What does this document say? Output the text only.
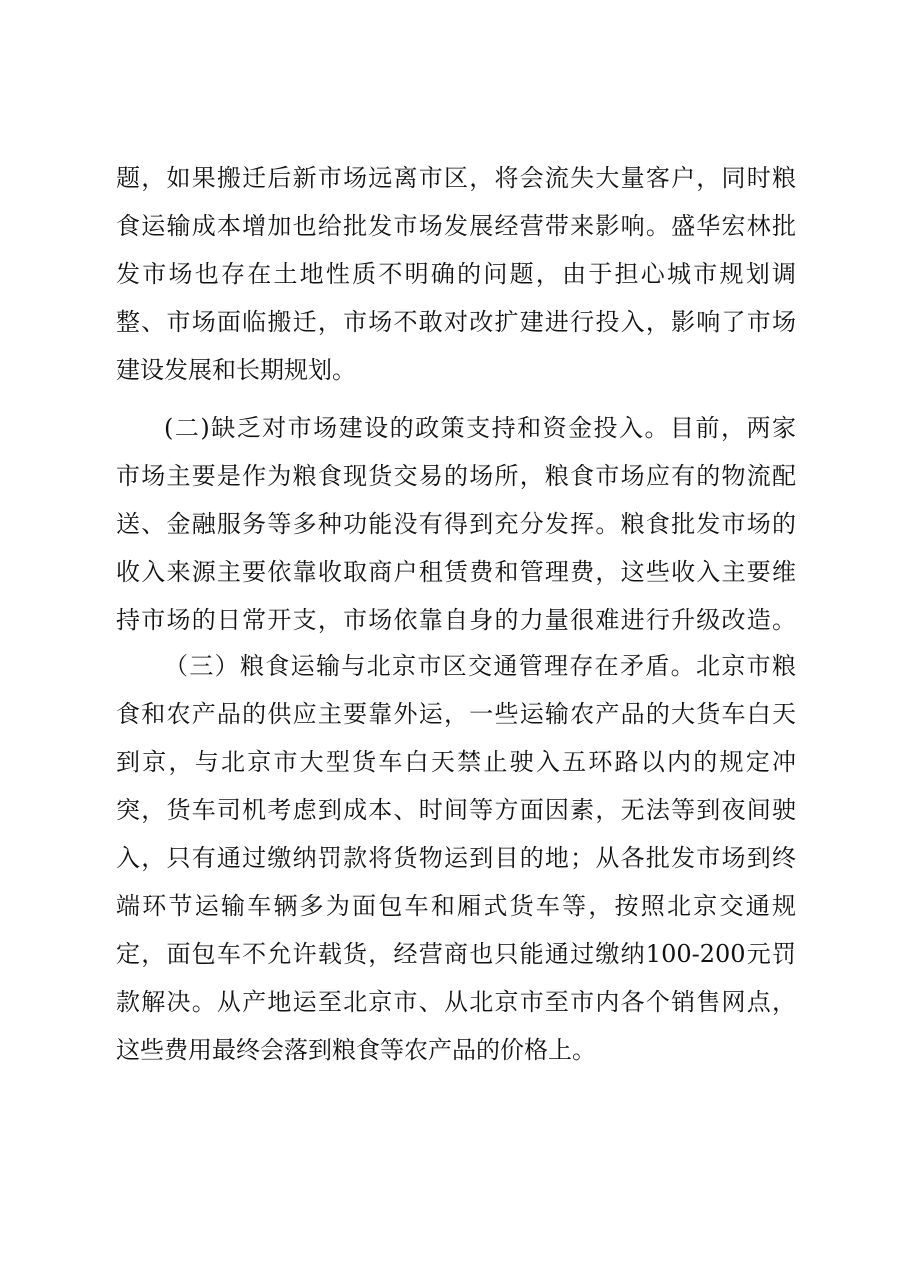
题，如果搬迁后新市场远离市区，将会流失大量客户，同时粮
食运输成本增加也给批发市场发展经营带来影响。盛华宏林批
发市场也存在土地性质不明确的问题，由于担心城市规划调
整、市场面临搬迁，市场不敢对改扩建进行投入，影响了市场
建设发展和长期规划。
(二)缺乏对市场建设的政策支持和资金投入。目前，两家
市场主要是作为粮食现货交易的场所，粮食市场应有的物流配
送、金融服务等多种功能没有得到充分发挥。粮食批发市场的
收入来源主要依靠收取商户租赁费和管理费，这些收入主要维
持市场的日常开支，市场依靠自身的力量很难进行升级改造。
（三）粮食运输与北京市区交通管理存在矛盾。北京市粮
食和农产品的供应主要靠外运，一些运输农产品的大货车白天
到京，与北京市大型货车白天禁止驶入五环路以内的规定冲
突，货车司机考虑到成本、时间等方面因素，无法等到夜间驶
入，只有通过缴纳罚款将货物运到目的地；从各批发市场到终
端环节运输车辆多为面包车和厢式货车等，按照北京交通规
定，面包车不允许载货，经营商也只能通过缴纳100-200元罚
款解决。从产地运至北京市、从北京市至市内各个销售网点，
这些费用最终会落到粮食等农产品的价格上。
